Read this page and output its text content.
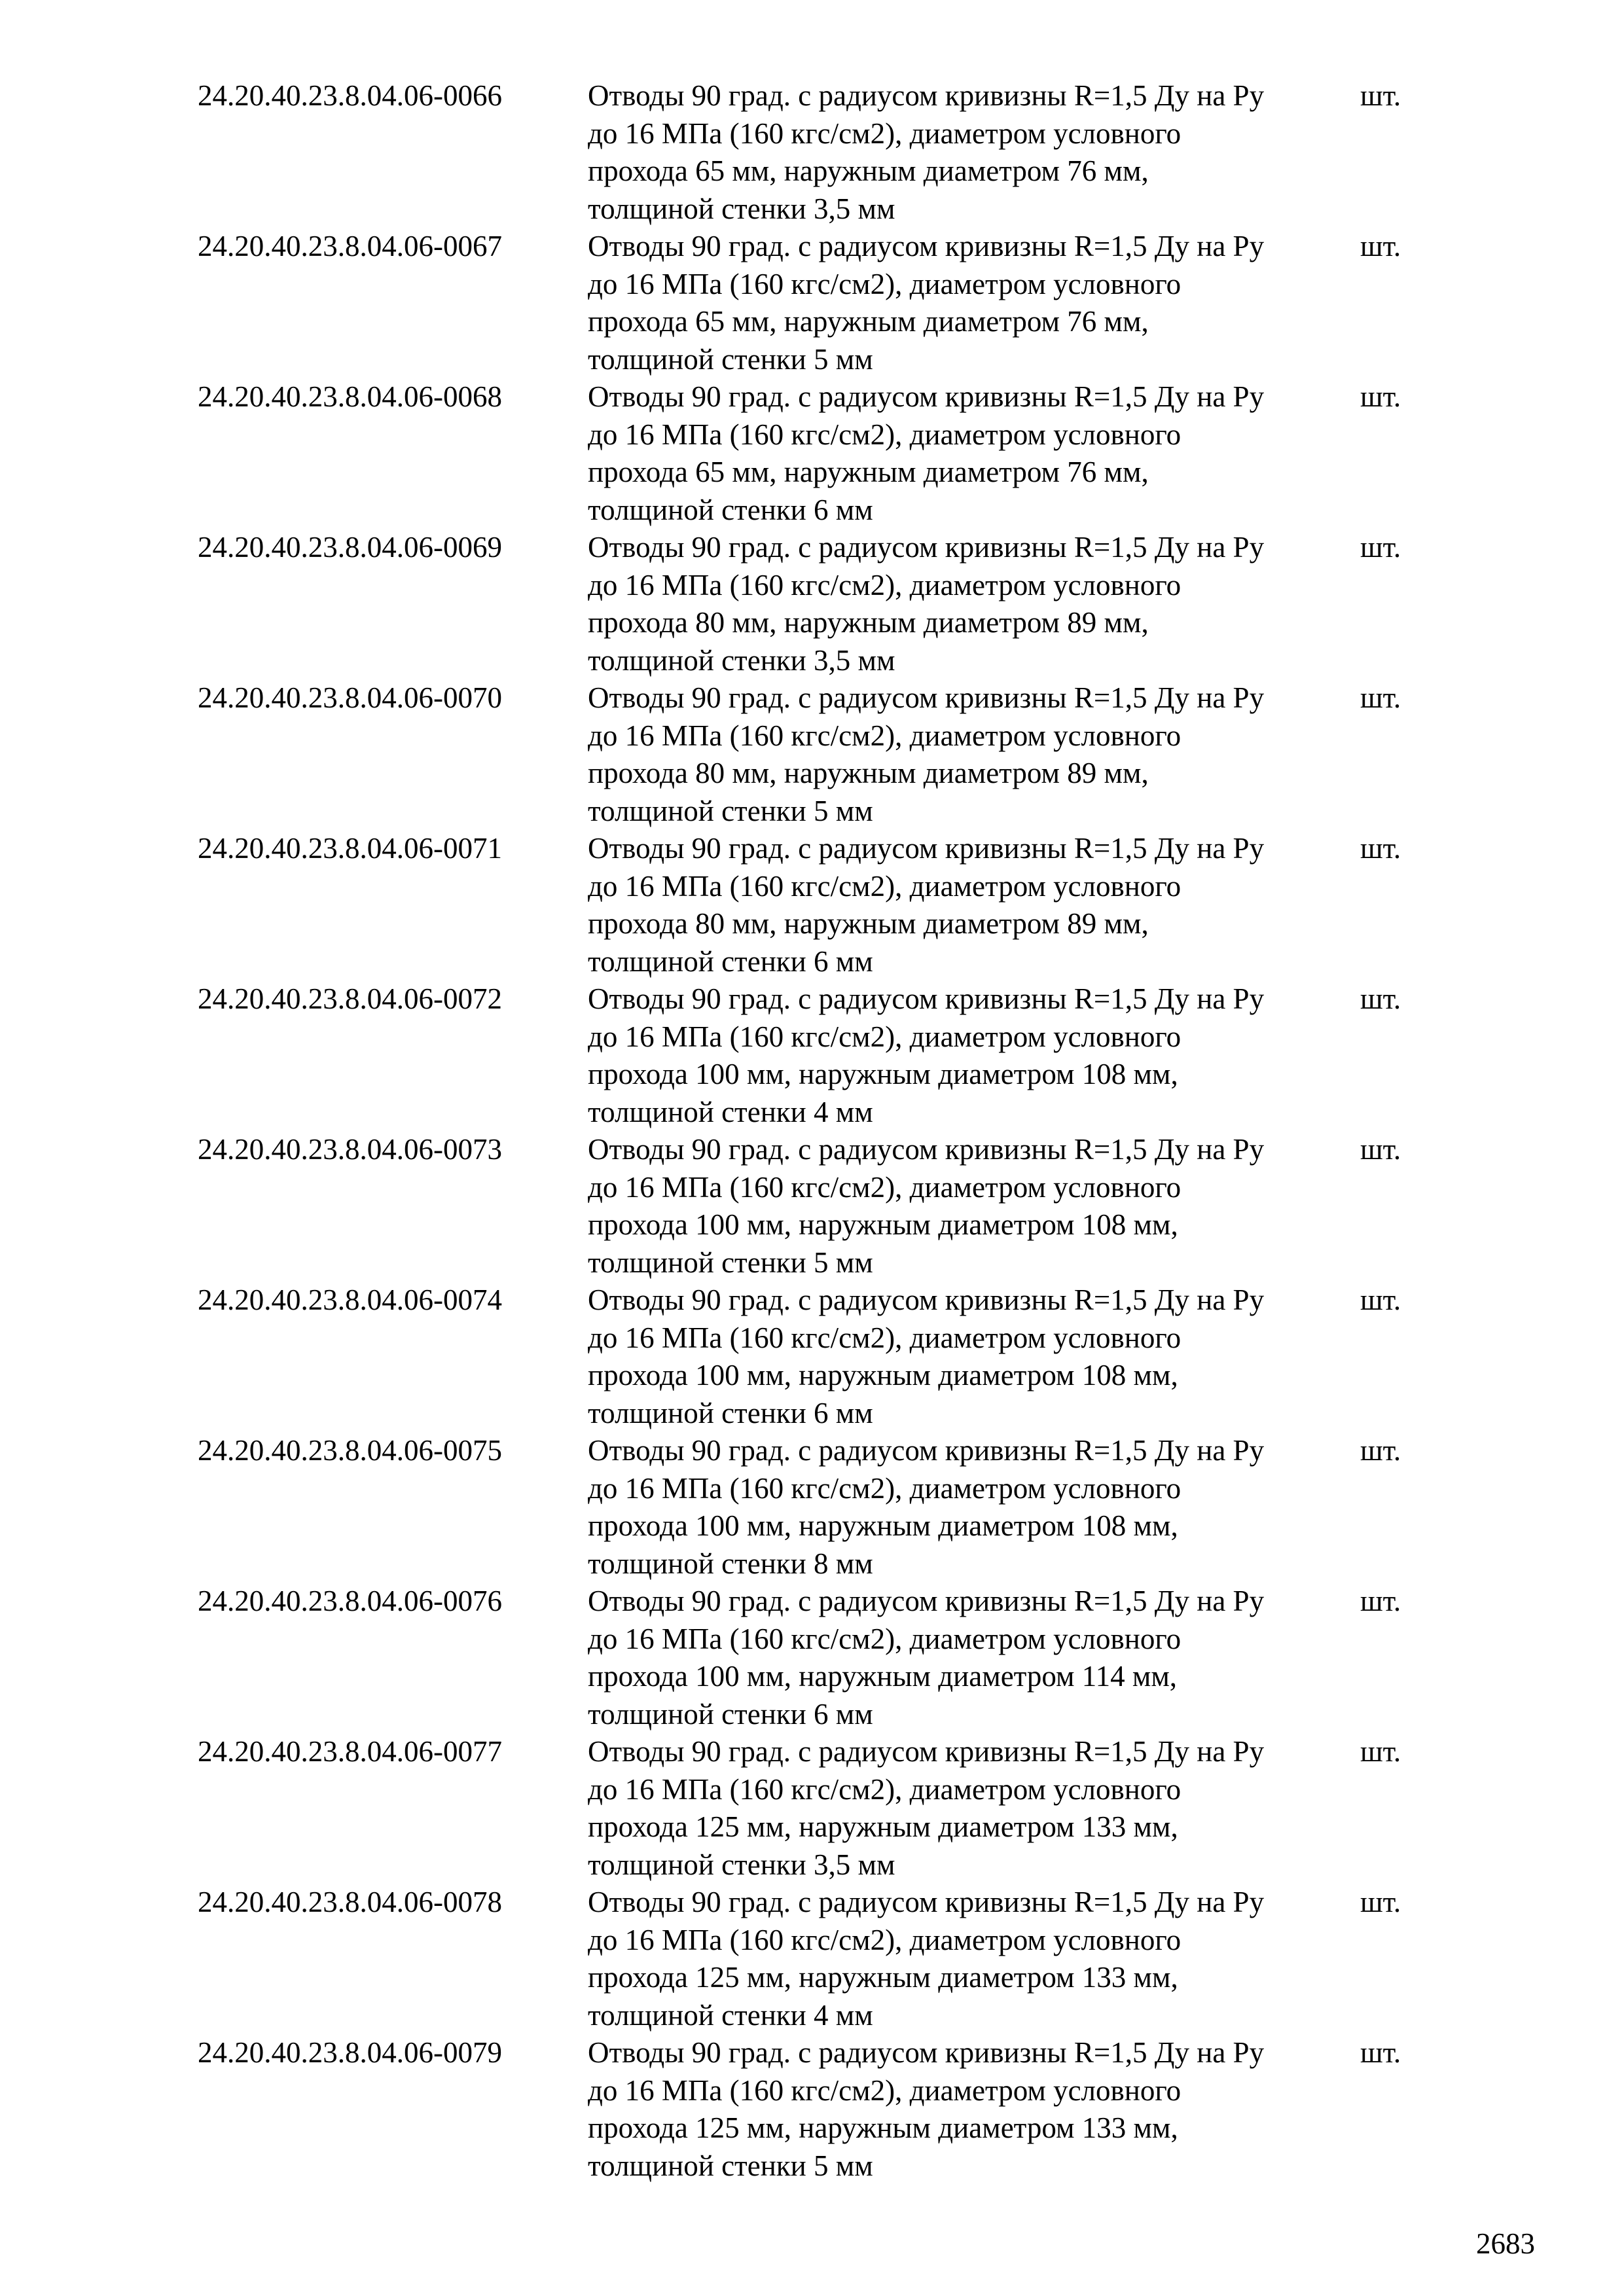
24.20.40.23.8.04.06-0066	Отводы 90 град. с радиусом кривизны R=1,5 Ду на Ру
до 16 МПа (160 кгс/см2), диаметром условного
прохода 65 мм, наружным диаметром 76 мм,
толщиной стенки 3,5 мм
шт.
24.20.40.23.8.04.06-0067	Отводы 90 град. с радиусом кривизны R=1,5 Ду на Ру
до 16 МПа (160 кгс/см2), диаметром условного
прохода 65 мм, наружным диаметром 76 мм,
толщиной стенки 5 мм
шт.
24.20.40.23.8.04.06-0068	Отводы 90 град. с радиусом кривизны R=1,5 Ду на Ру
до 16 МПа (160 кгс/см2), диаметром условного
прохода 65 мм, наружным диаметром 76 мм,
толщиной стенки 6 мм
шт.
24.20.40.23.8.04.06-0069	Отводы 90 град. с радиусом кривизны R=1,5 Ду на Ру
до 16 МПа (160 кгс/см2), диаметром условного
прохода 80 мм, наружным диаметром 89 мм,
толщиной стенки 3,5 мм
шт.
24.20.40.23.8.04.06-0070	Отводы 90 град. с радиусом кривизны R=1,5 Ду на Ру
до 16 МПа (160 кгс/см2), диаметром условного
прохода 80 мм, наружным диаметром 89 мм,
толщиной стенки 5 мм
шт.
24.20.40.23.8.04.06-0071	Отводы 90 град. с радиусом кривизны R=1,5 Ду на Ру
до 16 МПа (160 кгс/см2), диаметром условного
прохода 80 мм, наружным диаметром 89 мм,
толщиной стенки 6 мм
шт.
24.20.40.23.8.04.06-0072	Отводы 90 град. с радиусом кривизны R=1,5 Ду на Ру
до 16 МПа (160 кгс/см2), диаметром условного
прохода 100 мм, наружным диаметром 108 мм,
толщиной стенки 4 мм
шт.
24.20.40.23.8.04.06-0073	Отводы 90 град. с радиусом кривизны R=1,5 Ду на Ру
до 16 МПа (160 кгс/см2), диаметром условного
прохода 100 мм, наружным диаметром 108 мм,
толщиной стенки 5 мм
шт.
24.20.40.23.8.04.06-0074	Отводы 90 град. с радиусом кривизны R=1,5 Ду на Ру
до 16 МПа (160 кгс/см2), диаметром условного
прохода 100 мм, наружным диаметром 108 мм,
толщиной стенки 6 мм
шт.
24.20.40.23.8.04.06-0075	Отводы 90 град. с радиусом кривизны R=1,5 Ду на Ру
до 16 МПа (160 кгс/см2), диаметром условного
прохода 100 мм, наружным диаметром 108 мм,
толщиной стенки 8 мм
шт.
24.20.40.23.8.04.06-0076	Отводы 90 град. с радиусом кривизны R=1,5 Ду на Ру
до 16 МПа (160 кгс/см2), диаметром условного
прохода 100 мм, наружным диаметром 114 мм,
толщиной стенки 6 мм
шт.
24.20.40.23.8.04.06-0077	Отводы 90 град. с радиусом кривизны R=1,5 Ду на Ру
до 16 МПа (160 кгс/см2), диаметром условного
прохода 125 мм, наружным диаметром 133 мм,
толщиной стенки 3,5 мм
шт.
24.20.40.23.8.04.06-0078	Отводы 90 град. с радиусом кривизны R=1,5 Ду на Ру
до 16 МПа (160 кгс/см2), диаметром условного
прохода 125 мм, наружным диаметром 133 мм,
толщиной стенки 4 мм
шт.
24.20.40.23.8.04.06-0079	Отводы 90 град. с радиусом кривизны R=1,5 Ду на Ру
до 16 МПа (160 кгс/см2), диаметром условного
прохода 125 мм, наружным диаметром 133 мм,
толщиной стенки 5 мм
шт.
2683
